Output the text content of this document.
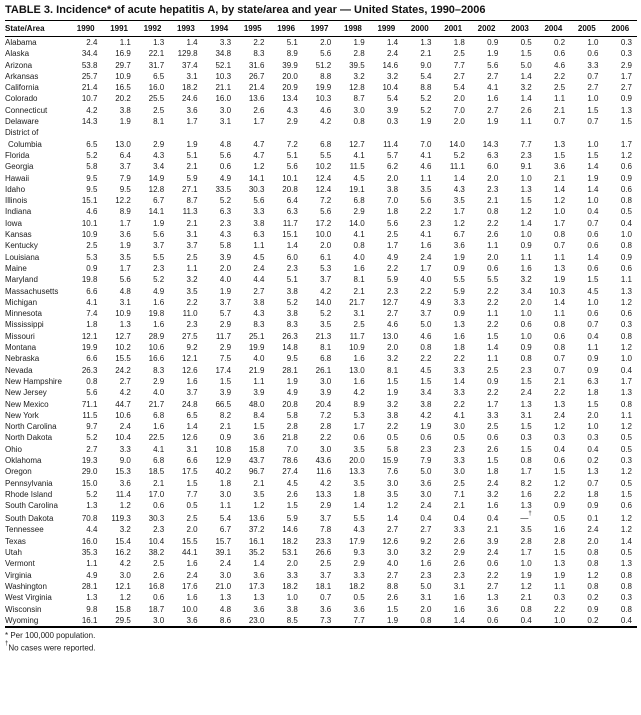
TABLE 3. Incidence* of acute hepatitis A, by state/area and year — United States, 1990–2006
State/Area	1990	1991	1992	1993	1994	1995	1996	1997	1998	1999	2000	2001	2002	2003	2004	2005	2006
Alabama	2.4	1.1	1.3	1.4	3.3	2.2	5.1	2.0	1.9	1.4	1.3	1.8	0.9	0.5	0.2	1.0	0.3
Alaska	34.4	16.9	22.1	129.8	34.8	8.3	8.9	5.6	2.8	2.4	2.1	2.5	1.9	1.5	0.6	0.6	0.3
Arizona	53.8	29.7	31.7	37.4	52.1	31.6	39.9	51.2	39.5	14.6	9.0	7.7	5.6	5.0	4.6	3.3	2.9
Arkansas	25.7	10.9	6.5	3.1	10.3	26.7	20.0	8.8	3.2	3.2	5.4	2.7	2.7	1.4	2.2	0.7	1.7
California	21.4	16.5	16.0	18.2	21.1	21.4	20.9	19.9	12.8	10.4	8.8	5.4	4.1	3.2	2.5	2.7	2.7
Colorado	10.7	20.2	25.5	24.6	16.0	13.6	13.4	10.3	8.7	5.4	5.2	2.0	1.6	1.4	1.1	1.0	0.9
Connecticut	4.2	3.8	2.5	3.6	3.0	2.6	4.3	4.6	3.0	3.9	5.2	7.0	2.7	2.6	2.1	1.5	1.3
Delaware	14.3	1.9	8.1	1.7	3.1	1.7	2.9	4.2	0.8	0.3	1.9	2.0	1.9	1.1	0.7	0.7	1.5

District of
Columbia	6.5	13.0	2.9	1.9	4.8	4.7	7.2	6.8	12.7	11.4	7.0	14.0	14.3	7.7	1.3	1.0	1.7
Florida	5.2	6.4	4.3	5.1	5.6	4.7	5.1	5.5	4.1	5.7	4.1	5.2	6.3	2.3	1.5	1.5	1.2
Georgia	5.8	3.7	3.4	2.1	0.6	1.2	5.6	10.2	11.5	6.2	4.6	11.1	6.0	9.1	3.6	1.4	0.6
Hawaii	9.5	7.9	14.9	5.9	4.9	14.1	10.1	12.4	4.5	2.0	1.1	1.4	2.0	1.0	2.1	1.9	0.9
Idaho	9.5	9.5	12.8	27.1	33.5	30.3	20.8	12.4	19.1	3.8	3.5	4.3	2.3	1.3	1.4	1.4	0.6
Illinois	15.1	12.2	6.7	8.7	5.2	5.6	6.4	7.2	6.8	7.0	5.6	3.5	2.1	1.5	1.2	1.0	0.8
Indiana	4.6	8.9	14.1	11.3	6.3	3.3	6.3	5.6	2.9	1.8	2.2	1.7	0.8	1.2	1.0	0.4	0.5
Iowa	10.1	1.7	1.9	2.1	2.3	3.8	11.7	17.2	14.0	5.6	2.3	1.2	2.2	1.4	1.7	0.7	0.4
Kansas	10.9	3.6	5.6	3.1	4.3	6.3	15.1	10.0	4.1	2.5	4.1	6.7	2.6	1.0	0.8	0.6	1.0
Kentucky	2.5	1.9	3.7	3.7	5.8	1.1	1.4	2.0	0.8	1.7	1.6	3.6	1.1	0.9	0.7	0.6	0.8
Louisiana	5.3	3.5	5.5	2.5	3.9	4.5	6.0	6.1	4.0	4.9	2.4	1.9	2.0	1.1	1.1	1.4	0.9
Maine	0.9	1.7	2.3	1.1	2.0	2.4	2.3	5.3	1.6	2.2	1.7	0.9	0.6	1.6	1.3	0.6	0.6
Maryland	19.8	5.6	5.2	3.2	4.0	4.4	5.1	3.7	8.1	5.9	4.0	5.5	5.5	3.2	1.9	1.5	1.1
Massachusetts	6.6	4.8	4.9	3.5	1.9	2.7	3.8	4.2	2.1	2.3	2.2	5.9	2.2	3.4	10.3	4.5	1.3
Michigan	4.1	3.1	1.6	2.2	3.7	3.8	5.2	14.0	21.7	12.7	4.9	3.3	2.2	2.0	1.4	1.0	1.2
Minnesota	7.4	10.9	19.8	11.0	5.7	4.3	3.8	5.2	3.1	2.7	3.7	0.9	1.1	1.0	1.1	0.6	0.6
Mississippi	1.8	1.3	1.6	2.3	2.9	8.3	8.3	3.5	2.5	4.6	5.0	1.3	2.2	0.6	0.8	0.7	0.3
Missouri	12.1	12.7	28.9	27.5	11.7	25.1	26.3	21.3	11.7	13.0	4.6	1.6	1.5	1.0	0.6	0.4	0.8
Montana	19.9	10.2	10.6	9.2	2.9	19.9	14.8	8.1	10.9	2.0	0.8	1.8	1.4	0.9	0.8	1.1	1.2
Nebraska	6.6	15.5	16.6	12.1	7.5	4.0	9.5	6.8	1.6	3.2	2.2	2.2	1.1	0.8	0.7	0.9	1.0
Nevada	26.3	24.2	8.3	12.6	17.4	21.9	28.1	26.1	13.0	8.1	4.5	3.3	2.5	2.3	0.7	0.9	0.4
New Hampshire	0.8	2.7	2.9	1.6	1.5	1.1	1.9	3.0	1.6	1.5	1.5	1.4	0.9	1.5	2.1	6.3	1.7
New Jersey	5.6	4.2	4.0	3.7	3.9	3.9	4.9	3.9	4.2	1.9	3.4	3.3	2.2	2.4	2.2	1.8	1.3
New Mexico	71.1	44.7	21.7	24.8	66.5	48.0	20.8	20.4	8.9	3.2	3.8	2.2	1.7	1.3	1.3	1.5	0.8
New York	11.5	10.6	6.8	6.5	8.2	8.4	5.8	7.2	5.3	3.8	4.2	4.1	3.3	3.1	2.4	2.0	1.1
North Carolina	9.7	2.4	1.6	1.4	2.1	1.5	2.8	2.8	1.7	2.2	1.9	3.0	2.5	1.5	1.2	1.0	1.2
North Dakota	5.2	10.4	22.5	12.6	0.9	3.6	21.8	2.2	0.6	0.5	0.6	0.5	0.6	0.3	0.3	0.3	0.5
Ohio	2.7	3.3	4.1	3.1	10.8	15.8	7.0	3.0	3.5	5.8	2.3	2.3	2.6	1.5	0.4	0.4	0.5
Oklahoma	19.3	9.0	6.8	6.6	12.9	43.7	78.6	43.6	20.0	15.9	7.9	3.3	1.5	0.8	0.6	0.2	0.3
Oregon	29.0	15.3	18.5	17.5	40.2	96.7	27.4	11.6	13.3	7.6	5.0	3.0	1.8	1.7	1.5	1.3	1.2
Pennsylvania	15.0	3.6	2.1	1.5	1.8	2.1	4.5	4.2	3.5	3.0	3.6	2.5	2.4	8.2	1.2	0.7	0.5
Rhode Island	5.2	11.4	17.0	7.7	3.0	3.5	2.6	13.3	1.8	3.5	3.0	7.1	3.2	1.6	2.2	1.8	1.5
South Carolina	1.3	1.2	0.6	0.5	1.1	1.2	1.5	2.9	1.4	1.2	2.4	2.1	1.6	1.3	0.9	0.9	0.6
South Dakota	70.8	119.3	30.3	2.5	5.4	13.6	5.9	3.7	5.5	1.4	0.4	0.4	0.4	—†	0.5	0.1	1.2
Tennessee	4.4	3.2	2.3	2.0	6.7	37.2	14.6	7.8	4.3	2.7	2.7	3.3	2.1	3.5	1.6	2.4	1.2
Texas	16.0	15.4	10.4	15.5	15.7	16.1	18.2	23.3	17.9	12.6	9.2	2.6	3.9	2.8	2.8	2.0	1.4
Utah	35.3	16.2	38.2	44.1	39.1	35.2	53.1	26.6	9.3	3.0	3.2	2.9	2.4	1.7	1.5	0.8	0.5
Vermont	1.1	4.2	2.5	1.6	2.4	1.4	2.0	2.5	2.9	4.0	1.6	2.6	0.6	1.0	1.3	0.8	1.3
Virginia	4.9	3.0	2.6	2.4	3.0	3.6	3.3	3.7	3.3	2.7	2.3	2.3	2.2	1.9	1.9	1.2	0.8
Washington	28.1	12.1	16.8	17.6	21.0	17.3	18.2	18.1	18.2	8.8	5.0	3.1	2.7	1.2	1.1	0.8	0.8
West Virginia	1.3	1.2	0.6	1.6	1.3	1.3	1.0	0.7	0.5	2.6	3.1	1.6	1.3	2.1	0.3	0.2	0.3
Wisconsin	9.8	15.8	18.7	10.0	4.8	3.6	3.8	3.6	3.6	1.5	2.0	1.6	3.6	0.8	2.2	0.9	0.8
Wyoming	16.1	29.5	3.0	3.6	8.6	23.0	8.5	7.3	7.7	1.9	0.8	1.4	0.6	0.4	1.0	0.2	0.4
* Per 100,000 population.
†No cases were reported.
